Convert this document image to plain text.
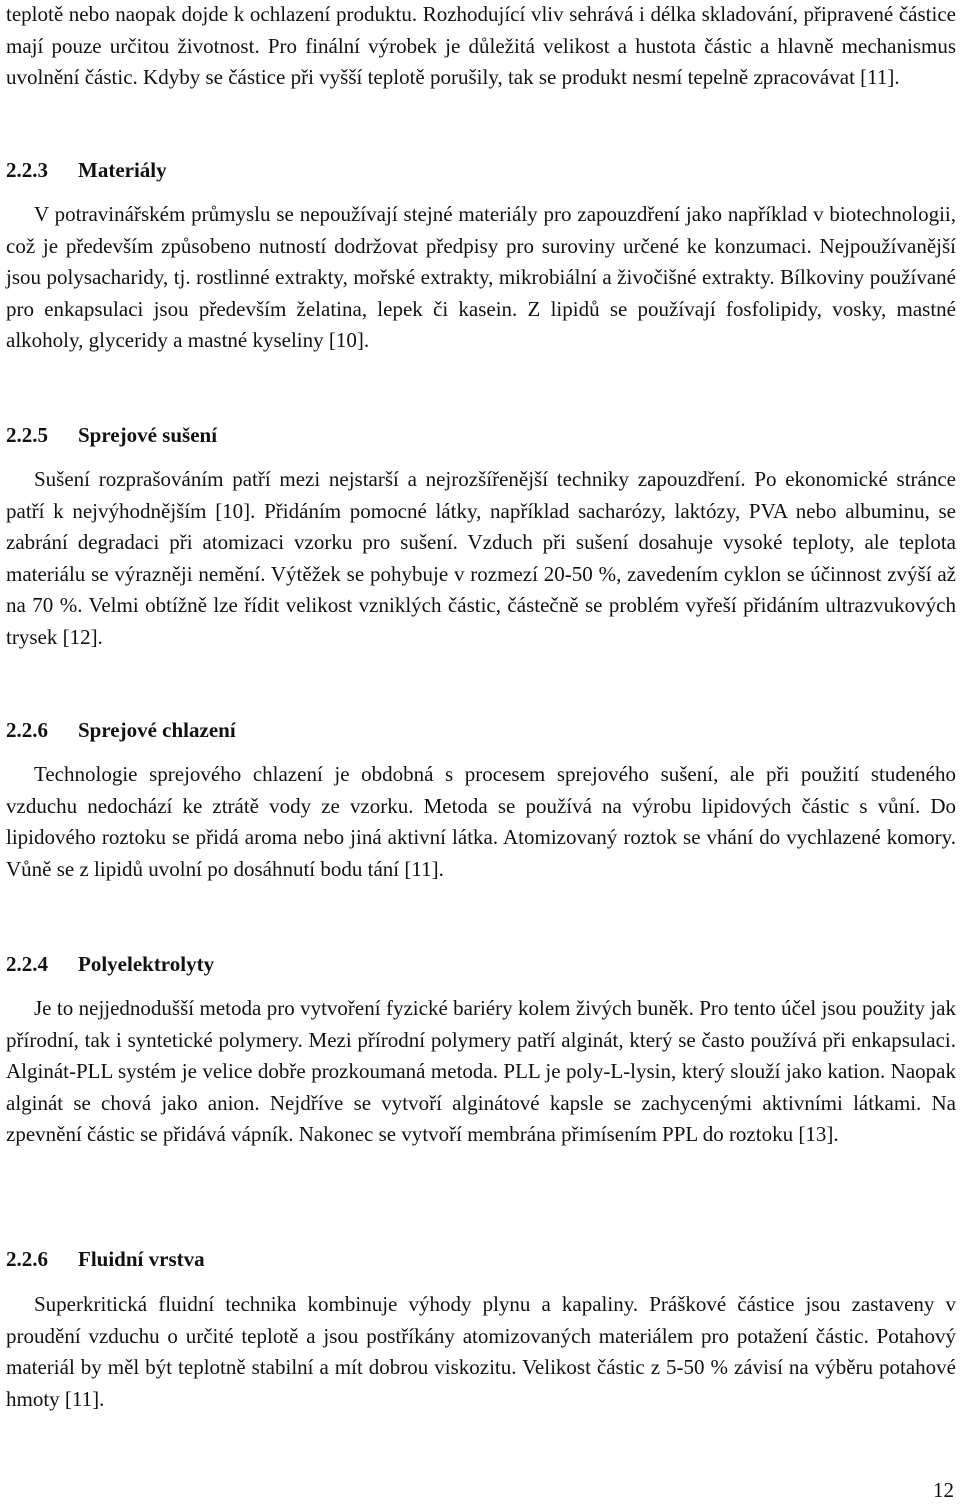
teplotě nebo naopak dojde k ochlazení produktu. Rozhodující vliv sehrává i délka skladování, připravené částice mají pouze určitou životnost. Pro finální výrobek je důležitá velikost a hustota částic a hlavně mechanismus uvolnění částic. Kdyby se částice při vyšší teplotě porušily, tak se produkt nesmí tepelně zpracovávat [11].

2.2.3	Materiály

V potravinářském průmyslu se nepoužívají stejné materiály pro zapouzdření jako například v biotechnologii, což je především způsobeno nutností dodržovat předpisy pro suroviny určené ke konzumaci. Nejpoužívanější jsou polysacharidy, tj. rostlinné extrakty, mořské extrakty, mikrobiální a živočišné extrakty. Bílkoviny používané pro enkapsulaci jsou především želatina, lepek či kasein. Z lipidů se používají fosfolipidy, vosky, mastné alkoholy, glyceridy a mastné kyseliny [10].

2.2.5	Sprejové sušení

Sušení rozprašováním patří mezi nejstarší a nejrozšířenější techniky zapouzdření. Po ekonomické stránce patří k nejvýhodnějším [10]. Přidáním pomocné látky, například sacharózy, laktózy, PVA nebo albuminu, se zabrání degradaci při atomizaci vzorku pro sušení. Vzduch při sušení dosahuje vysoké teploty, ale teplota materiálu se výrazněji nemění. Výtěžek se pohybuje v rozmezí 20-50 %, zavedením cyklon se účinnost zvýší až na 70 %. Velmi obtížně lze řídit velikost vzniklých částic, částečně se problém vyřeší přidáním ultrazvukových trysek [12].

2.2.6	Sprejové chlazení

Technologie sprejového chlazení je obdobná s procesem sprejového sušení, ale při použití studeného vzduchu nedochází ke ztrátě vody ze vzorku. Metoda se používá na výrobu lipidových částic s vůní. Do lipidového roztoku se přidá aroma nebo jiná aktivní látka. Atomizovaný roztok se vhání do vychlazené komory. Vůně se z lipidů uvolní po dosáhnutí bodu tání [11].

2.2.4	Polyelektrolyty

Je to nejjednodušší metoda pro vytvoření fyzické bariéry kolem živých buněk. Pro tento účel jsou použity jak přírodní, tak i syntetické polymery. Mezi přírodní polymery patří alginát, který se často používá při enkapsulaci. Alginát-PLL systém je velice dobře prozkoumaná metoda. PLL je poly-L-lysin, který slouží jako kation. Naopak alginát se chová jako anion. Nejdříve se vytvoří alginátové kapsle se zachycenými aktivními látkami. Na zpevnění částic se přidává vápník. Nakonec se vytvoří membrána přimísením PPL do roztoku [13].

2.2.6	Fluidní vrstva

Superkritická fluidní technika kombinuje výhody plynu a kapaliny. Práškové částice jsou zastaveny v proudění vzduchu o určité teplotě a jsou postříkány atomizovaných materiálem pro potažení částic. Potahový materiál by měl být teplotně stabilní a mít dobrou viskozitu. Velikost částic z 5-50 % závisí na výběru potahové hmoty [11].

12
